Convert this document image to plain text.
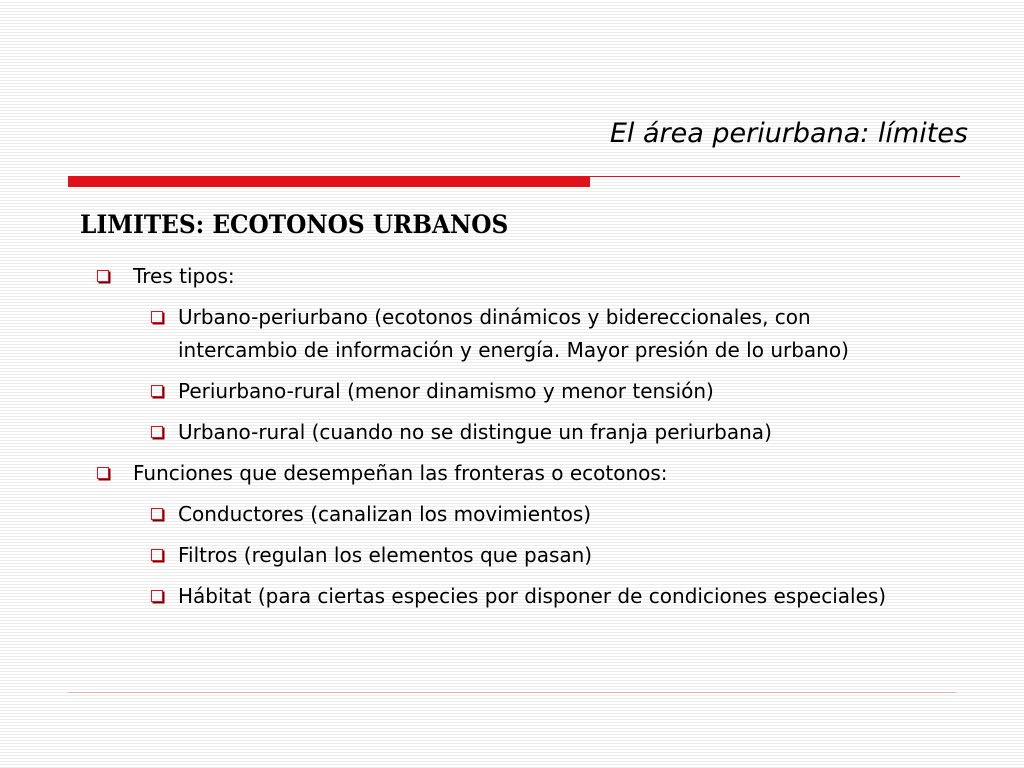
El área periurbana: límites
LIMITES: ECOTONOS URBANOS
Tres tipos:
Urbano-periurbano (ecotonos dinámicos y bidereccionales, con intercambio de información y energía. Mayor presión de lo urbano)
Periurbano-rural (menor dinamismo y menor tensión)
Urbano-rural (cuando no se distingue un franja periurbana)
Funciones que desempeñan las fronteras o ecotonos:
Conductores (canalizan los movimientos)
Filtros (regulan los elementos que pasan)
Hábitat (para ciertas especies por disponer de condiciones especiales)
